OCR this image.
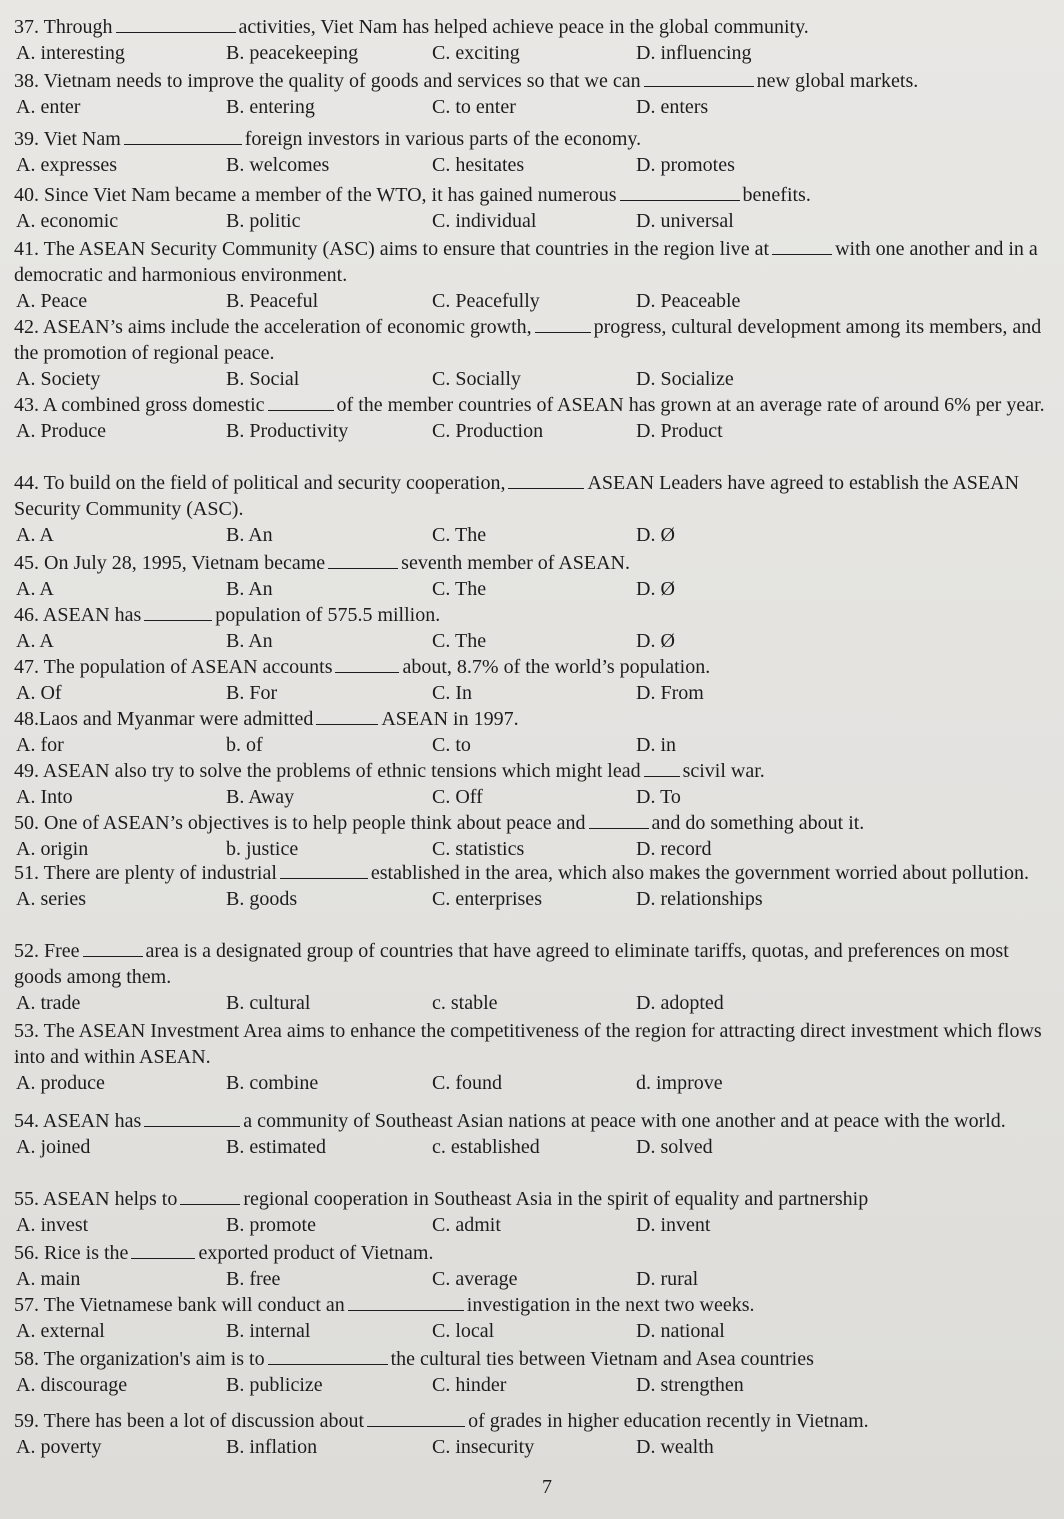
37. Through	activities, Viet Nam has helped achieve peace in the global community.
A. interesting	B. peacekeeping	C. exciting	D. influencing
38. Vietnam needs to improve the quality of goods and services so that we can	new global markets.
A. enter	B. entering	C. to enter	D. enters
39. Viet Nam	foreign investors in various parts of the economy.
A. expresses	B. welcomes	C. hesitates	D. promotes
40. Since Viet Nam became a member of the WTO, it has gained numerous	benefits.
A. economic	B. politic	C. individual	D. universal
41. The ASEAN Security Community (ASC) aims to ensure that countries in the region live at	with one another and in a democratic and harmonious environment.
A. Peace	B. Peaceful	C. Peacefully	D. Peaceable
42. ASEAN’s aims include the acceleration of economic growth,	progress, cultural development among its members, and the promotion of regional peace.
A. Society	B. Social	C. Socially	D. Socialize
43. A combined gross domestic	of the member countries of ASEAN has grown at an average rate of around 6% per year.
A. Produce	B. Productivity	C. Production	D. Product
44. To build on the field of political and security cooperation,	ASEAN Leaders have agreed to establish the ASEAN Security Community (ASC).
A. A	B. An	C. The	D. Ø
45. On July 28, 1995, Vietnam became	seventh member of ASEAN.
A. A	B. An	C. The	D. Ø
46. ASEAN has	population of 575.5 million.
A. A	B. An	C. The	D. Ø
47. The population of ASEAN accounts	about, 8.7% of the world’s population.
A. Of	B. For	C. In	D. From
48.Laos and Myanmar were admitted	ASEAN in 1997.
A. for	b. of	C. to	D. in
49. ASEAN also try to solve the problems of ethnic tensions which might lead scivil war.
A. Into	B. Away	C. Off	D. To
50. One of ASEAN’s objectives is to help people think about peace and	and do something about it.
A. origin	b. justice	C. statistics	D. record
51. There are plenty of industrial	established in the area, which also makes the government worried about pollution.
A. series	B. goods	C. enterprises	D. relationships
52. Free	area is a designated group of countries that have agreed to eliminate tariffs, quotas, and preferences on most goods among them.
A. trade	B. cultural	c. stable	D. adopted
53. The ASEAN Investment Area aims to enhance the competitiveness of the region for attracting direct investment which flows into and within ASEAN.
A. produce	B. combine	C. found	d. improve
54. ASEAN has	a community of Southeast Asian nations at peace with one another and at peace with the world.
A. joined	B. estimated	c. established	D. solved
55. ASEAN helps to	regional cooperation in Southeast Asia in the spirit of equality and partnership
A. invest	B. promote	C. admit	D. invent
56. Rice is the	exported product of Vietnam.
A. main	B. free	C. average	D. rural
57. The Vietnamese bank will conduct an	investigation in the next two weeks.
A. external	B. internal	C. local	D. national
58. The organization's aim is to	the cultural ties between Vietnam and Asea countries
A. discourage	B. publicize	C. hinder	D. strengthen
59. There has been a lot of discussion about	of grades in higher education recently in Vietnam.
A. poverty	B. inflation	C. insecurity	D. wealth
7
